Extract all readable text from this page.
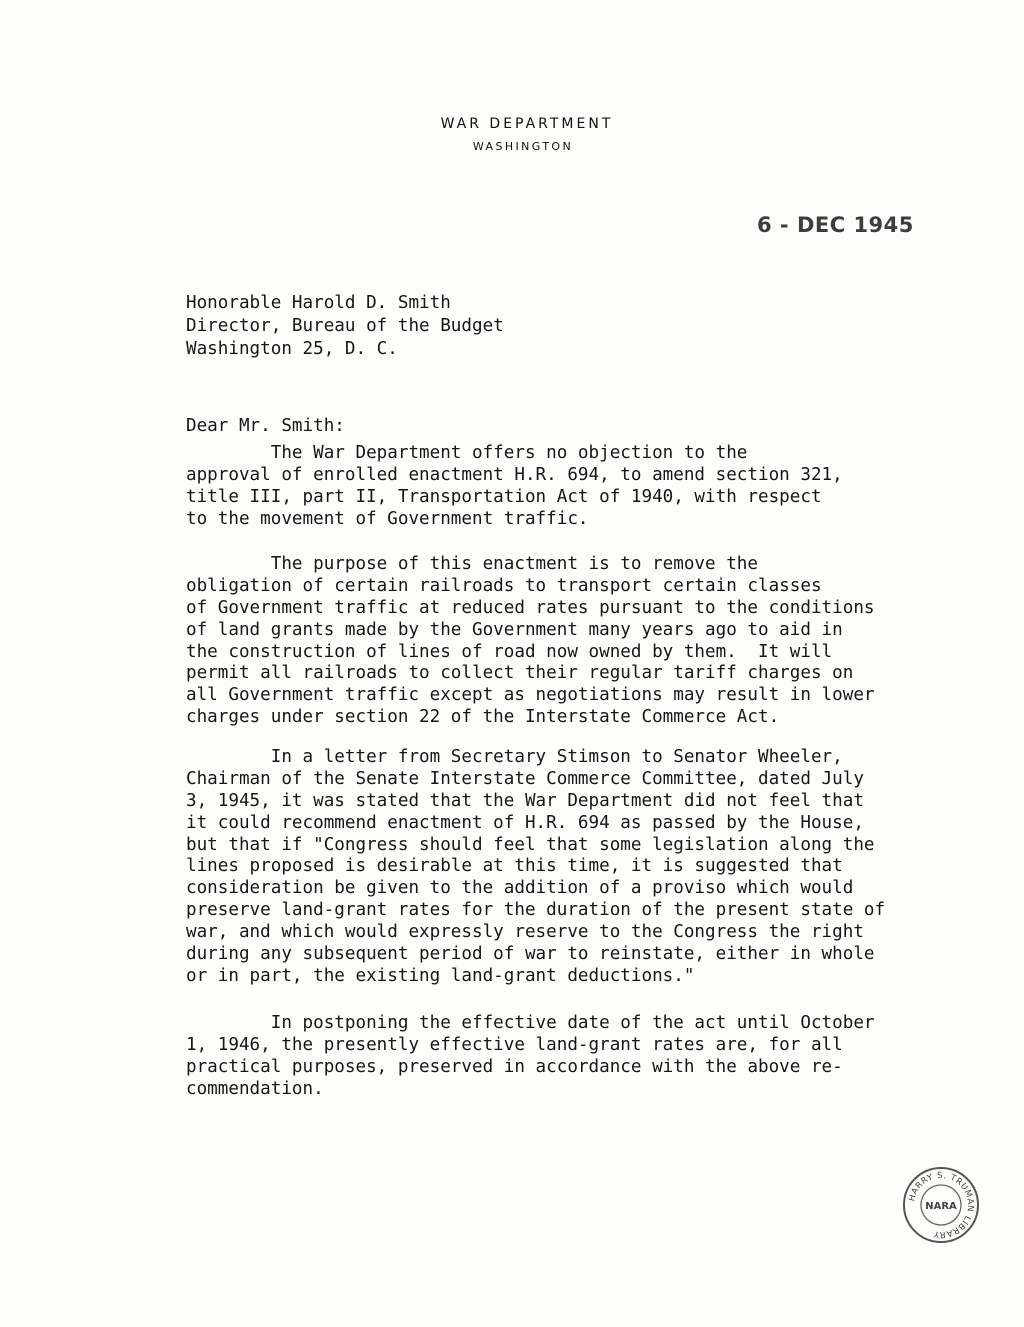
WAR DEPARTMENT
WASHINGTON
6 - DEC 1945
Honorable Harold D. Smith
Director, Bureau of the Budget
Washington 25, D. C.
Dear Mr. Smith:
The War Department offers no objection to the
approval of enrolled enactment H.R. 694, to amend section 321,
title III, part II, Transportation Act of 1940, with respect
to the movement of Government traffic.
The purpose of this enactment is to remove the
obligation of certain railroads to transport certain classes
of Government traffic at reduced rates pursuant to the conditions
of land grants made by the Government many years ago to aid in
the construction of lines of road now owned by them.  It will
permit all railroads to collect their regular tariff charges on
all Government traffic except as negotiations may result in lower
charges under section 22 of the Interstate Commerce Act.
In a letter from Secretary Stimson to Senator Wheeler,
Chairman of the Senate Interstate Commerce Committee, dated July
3, 1945, it was stated that the War Department did not feel that
it could recommend enactment of H.R. 694 as passed by the House,
but that if "Congress should feel that some legislation along the
lines proposed is desirable at this time, it is suggested that
consideration be given to the addition of a proviso which would
preserve land-grant rates for the duration of the present state of
war, and which would expressly reserve to the Congress the right
during any subsequent period of war to reinstate, either in whole
or in part, the existing land-grant deductions."
In postponing the effective date of the act until October
1, 1946, the presently effective land-grant rates are, for all
practical purposes, preserved in accordance with the above re-
commendation.
HARRY S. TRUMAN LIBRARY
NARA
